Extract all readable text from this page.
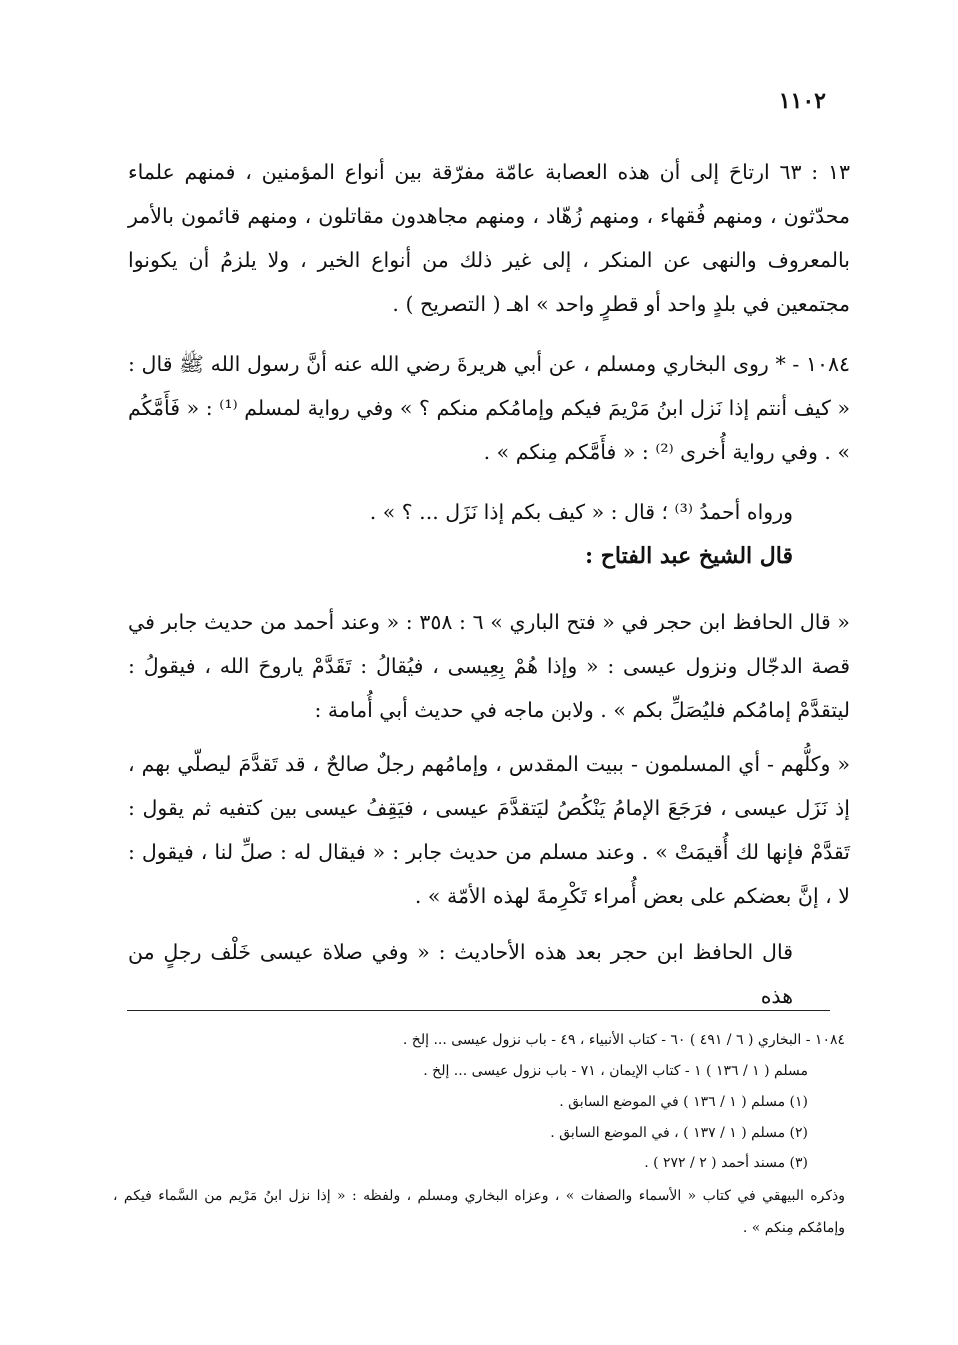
١١٠٢
١٣ : ٦٣ ارتاحَ إلى أن هذه العصابة عامّة مفرّقة بين أنواع المؤمنين ، فمنهم علماء محدّثون ، ومنهم فُقهاء ، ومنهم زُهّاد ، ومنهم مجاهدون مقاتلون ، ومنهم قائمون بالأمر بالمعروف والنهى عن المنكر ، إلى غير ذلك من أنواع الخير ، ولا يلزمُ أن يكونوا مجتمعين في بلدٍ واحد أو قطرٍ واحد » اهـ ( التصريح ) .
١٠٨٤ - * روى البخاري ومسلم ، عن أبي هريرةَ رضي الله عنه أنَّ رسول الله ﷺ قال : « كيف أنتم إذا نَزل ابنُ مَرْيمَ فيكم وإمامُكم منكم ؟ » وفي رواية لمسلم ⁽¹⁾ : « فَأَمَّكُم » . وفي رواية أُخرى ⁽²⁾ : « فأَمَّكم مِنكم » .
ورواه أحمدُ ⁽³⁾ ؛ قال : « كيف بكم إذا نَزَل ... ؟ » .
قال الشيخ عبد الفتاح :
« قال الحافظ ابن حجر في « فتح الباري » ٦ : ٣٥٨ : « وعند أحمد من حديث جابر في قصة الدجّال ونزول عيسى : « وإذا هُمْ بِعِيسى ، فيُقالُ : تَقَدَّمْ ياروحَ الله ، فيقولُ : ليتقدَّمْ إمامُكم فليُصَلِّ بكم » . ولابن ماجه في حديث أبي أُمامة :
« وكلُّهم - أي المسلمون - ببيت المقدس ، وإمامُهم رجلٌ صالحٌ ، قد تَقدَّمَ ليصلّي بهم ، إذ نَزَل عيسى ، فرَجَعَ الإمامُ يَنْكُصُ ليَتقدَّمَ عيسى ، فيَقِفُ عيسى بين كتفيه ثم يقول : تَقدَّمْ فإنها لك أُقيمَتْ » . وعند مسلم من حديث جابر : « فيقال له : صلِّ لنا ، فيقول : لا ، إنَّ بعضكم على بعض أُمراء تَكْرِمةَ لهذه الأمّة » .
قال الحافظ ابن حجر بعد هذه الأحاديث : « وفي صلاة عيسى خَلْف رجلٍ من هذه
١٠٨٤ - البخاري ( ٦ / ٤٩١ ) ٦٠ - كتاب الأنبياء ، ٤٩ - باب نزول عيسى ... إلخ .
مسلم ( ١ / ١٣٦ ) ١ - كتاب الإيمان ، ٧١ - باب نزول عيسى ... إلخ .
(١) مسلم ( ١ / ١٣٦ ) في الموضع السابق .
(٢) مسلم ( ١ / ١٣٧ ) ، في الموضع السابق .
(٣) مسند أحمد ( ٢ / ٢٧٢ ) .
وذكره البيهقي في كتاب « الأسماء والصفات » ، وعزاه البخاري ومسلم ، ولفظه : « إذا نزل ابنُ مَرْيم من السَّماء فيكم ، وإمامُكم مِنكم » .
